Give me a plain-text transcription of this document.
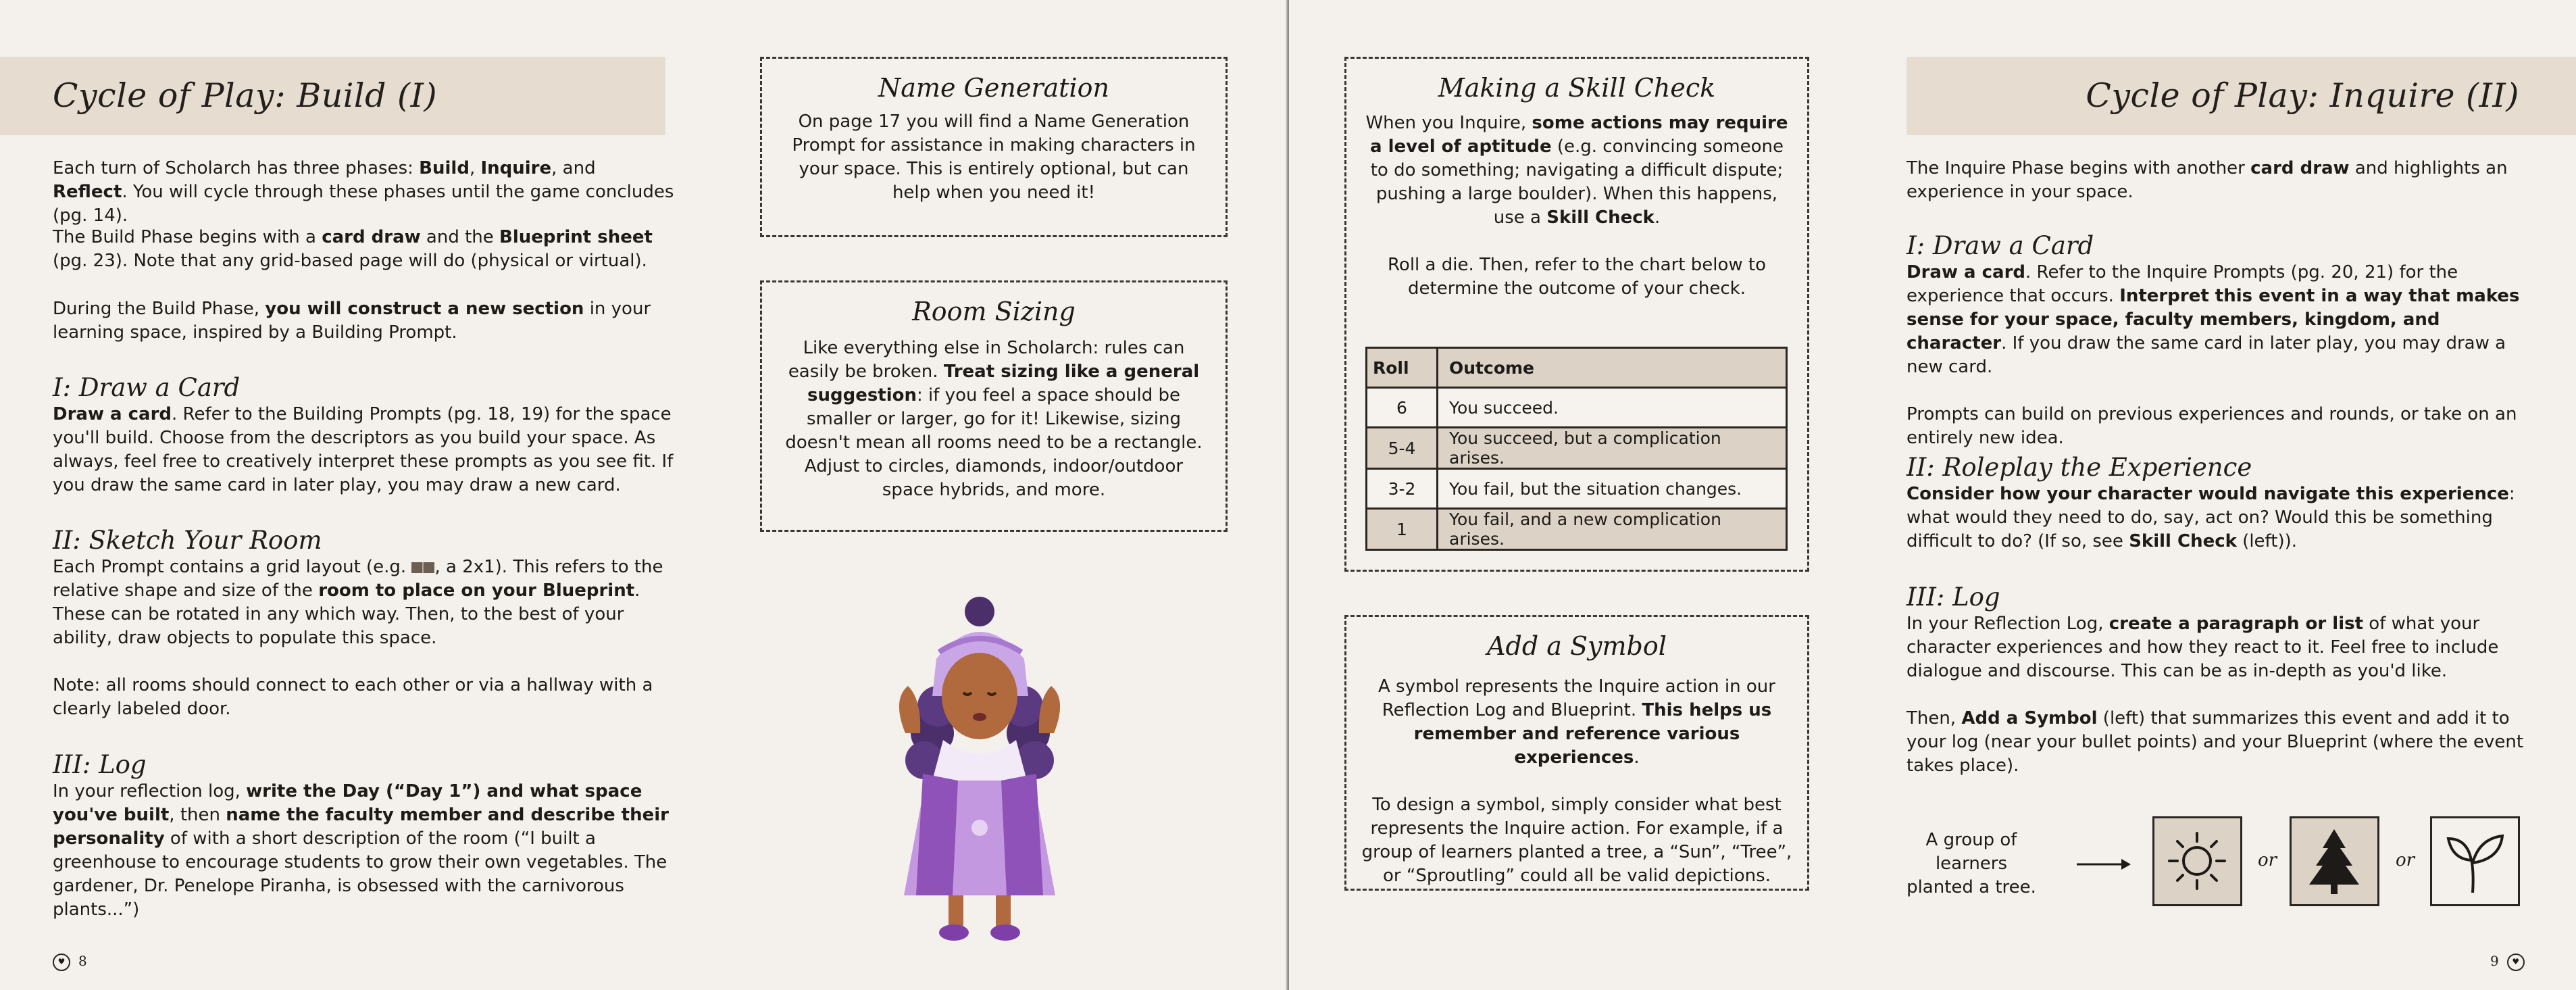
Cycle of Play: Build (I)
Each turn of Scholarch has three phases: Build, Inquire, and Reflect. You will cycle through these phases until the game concludes (pg. 14).
The Build Phase begins with a card draw and the Blueprint sheet (pg. 23). Note that any grid-based page will do (physical or virtual).
During the Build Phase, you will construct a new section in your learning space, inspired by a Building Prompt.
I: Draw a Card

Draw a card. Refer to the Building Prompts (pg. 18, 19) for the space you'll build. Choose from the descriptors as you build your space. As always, feel free to creatively interpret these prompts as you see fit. If you draw the same card in later play, you may draw a new card.

II: Sketch Your Room

Each Prompt contains a grid layout (e.g. , a 2x1). This refers to the relative shape and size of the room to place on your Blueprint. These can be rotated in any which way. Then, to the best of your ability, draw objects to populate this space.

Note: all rooms should connect to each other or via a hallway with a clearly labeled door.

III: Log

In your reflection log, write the Day (“Day 1”) and what space you've built, then name the faculty member and describe their personality of with a short description of the room (“I built a greenhouse to encourage students to grow their own vegetables. The gardener, Dr. Penelope Piranha, is obsessed with the carnivorous plants...”)

Name Generation

On page 17 you will find a Name Generation Prompt for assistance in making characters in your space. This is entirely optional, but can help when you need it!

Room Sizing

Like everything else in Scholarch: rules can easily be broken. Treat sizing like a general suggestion: if you feel a space should be smaller or larger, go for it! Likewise, sizing doesn't mean all rooms need to be a rectangle. Adjust to circles, diamonds, indoor/outdoor space hybrids, and more.

♥ 8
Making a Skill Check

When you Inquire, some actions may require a level of aptitude (e.g. convincing someone to do something; navigating a difficult dispute; pushing a large boulder). When this happens, use a Skill Check.

Roll a die. Then, refer to the chart below to determine the outcome of your check.

Roll	Outcome
6	You succeed.
5-4	You succeed, but a complication arises.
3-2	You fail, but the situation changes.
1	You fail, and a new complication arises.
Add a Symbol

A symbol represents the Inquire action in our Reflection Log and Blueprint. This helps us remember and reference various experiences.

To design a symbol, simply consider what best represents the Inquire action. For example, if a group of learners planted a tree, a “Sun”, “Tree”, or “Sproutling” could all be valid depictions.

Cycle of Play: Inquire (II)
The Inquire Phase begins with another card draw and highlights an experience in your space.
I: Draw a Card

Draw a card. Refer to the Inquire Prompts (pg. 20, 21) for the experience that occurs. Interpret this event in a way that makes sense for your space, faculty members, kingdom, and character. If you draw the same card in later play, you may draw a new card.

Prompts can build on previous experiences and rounds, or take on an entirely new idea.

II: Roleplay the Experience

Consider how your character would navigate this experience: what would they need to do, say, act on? Would this be something difficult to do? (If so, see Skill Check (left)).

III: Log

In your Reflection Log, create a paragraph or list of what your character experiences and how they react to it. Feel free to include dialogue and discourse. This can be as in-depth as you'd like.

Then, Add a Symbol (left) that summarizes this event and add it to your log (near your bullet points) and your Blueprint (where the event takes place).

A group of learners planted a tree.
or	or
9 ♥
